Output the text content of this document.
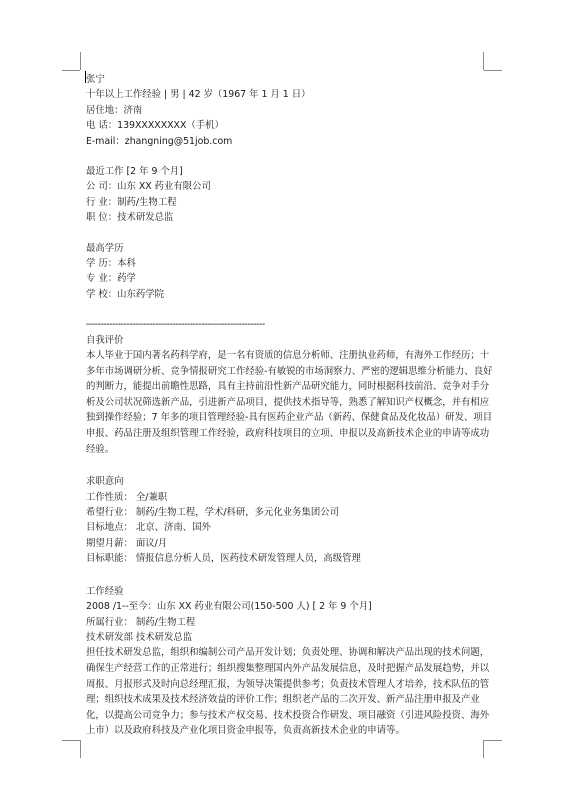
张宁
十年以上工作经验 | 男 | 42 岁（1967 年 1 月 1 日）
居住地：济南
电 话：139XXXXXXXX（手机）
E-mail：zhangning@51job.com
最近工作 [2 年 9 个月]
公 司：山东 XX 药业有限公司
行 业：制药/生物工程
职 位：技术研发总监
最高学历
学 历：本科
专 业：药学
学 校：山东药学院
--------------------------------------------------------------
自我评价
本人毕业于国内著名药科学府，是一名有资质的信息分析师、注册执业药师，有海外工作经历；十多年市场调研分析、竞争情报研究工作经验-有敏锐的市场洞察力、严密的逻辑思维分析能力、良好的判断力，能提出前瞻性思路，具有主持前沿性新产品研究能力，同时根据科技前沿、竞争对手分析及公司状况筛选新产品，引进新产品项目，提供技术指导等，熟悉了解知识产权概念，并有相应独到操作经验；7 年多的项目管理经验-具有医药企业产品（新药、保健食品及化妆品）研发、项目申报、药品注册及组织管理工作经验，政府科技项目的立项、申报以及高新技术企业的申请等成功经验。
求职意向
工作性质： 全/兼职
希望行业： 制药/生物工程，学术/科研，多元化业务集团公司
目标地点： 北京、济南、国外
期望月薪： 面议/月
目标职能： 情报信息分析人员，医药技术研发管理人员，高级管理
工作经验
2008 /1--至今：山东 XX 药业有限公司(150-500 人) [ 2 年 9 个月]
所属行业： 制药/生物工程
技术研发部 技术研发总监
担任技术研发总监，组织和编制公司产品开发计划；负责处理、协调和解决产品出现的技术问题，确保生产经营工作的正常进行；组织搜集整理国内外产品发展信息，及时把握产品发展趋势，并以周报、月报形式及时向总经理汇报，为领导决策提供参考；负责技术管理人才培养，技术队伍的管理；组织技术成果及技术经济效益的评价工作；组织老产品的二次开发、新产品注册申报及产业化，以提高公司竞争力；参与技术产权交易、技术投资合作研发、项目融资（引进风险投资、海外上市）以及政府科技及产业化项目资金申报等，负责高新技术企业的申请等。
